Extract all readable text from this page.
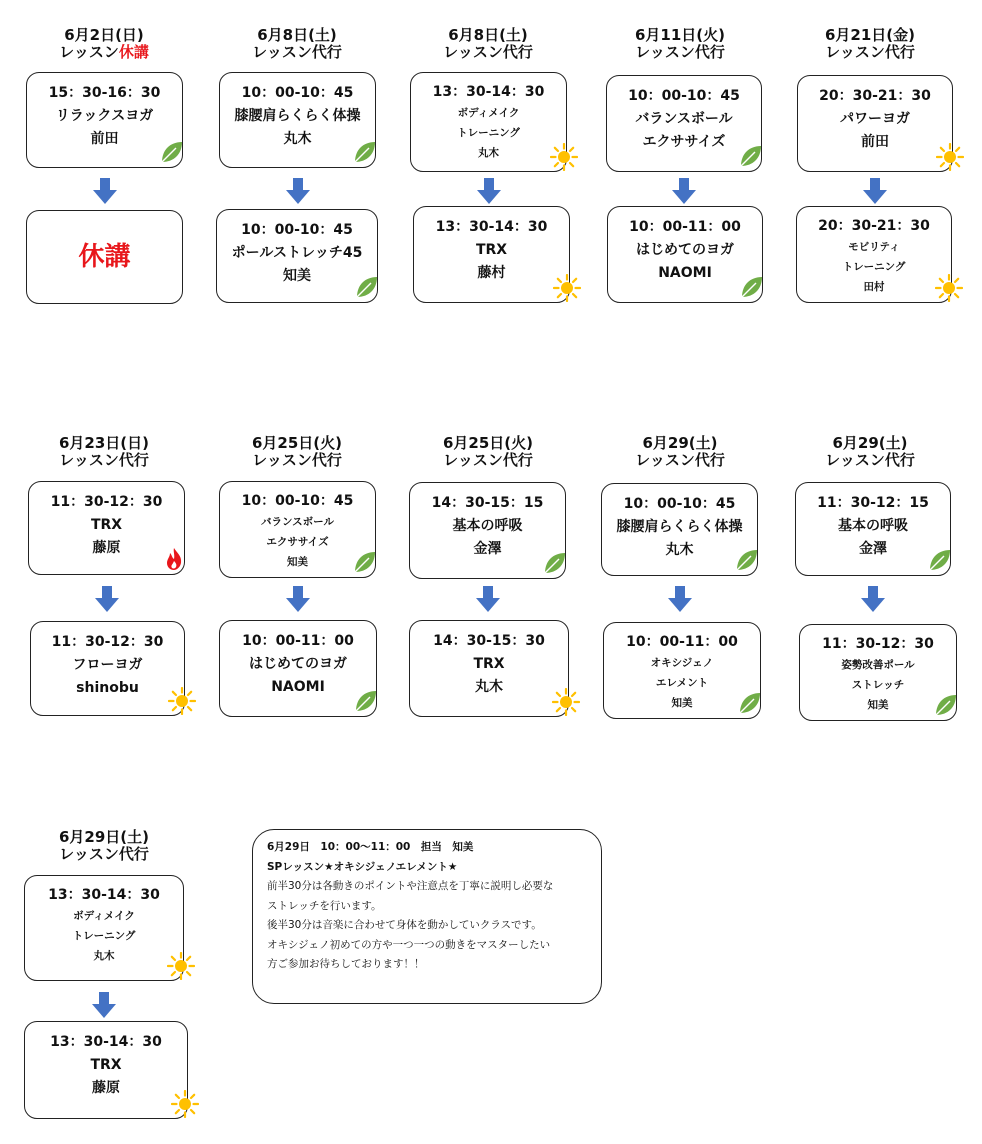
6月2日(日)
レッスン休講
15：30-16：30
リラックスヨガ
前田
休講
6月8日(土)
レッスン代行
10：00-10：45
膝腰肩らくらく体操
丸木
10：00-10：45
ポールストレッチ45
知美
6月8日(土)
レッスン代行
13：30-14：30
ボディメイク
トレーニング
丸木
13：30-14：30
TRX
藤村
6月11日(火)
レッスン代行
10：00-10：45
バランスボール
エクササイズ
10：00-11：00
はじめてのヨガ
NAOMI
6月21日(金)
レッスン代行
20：30-21：30
パワーヨガ
前田
20：30-21：30
モビリティ
トレーニング
田村
6月23日(日)
レッスン代行
11：30-12：30
TRX
藤原
11：30-12：30
フローヨガ
shinobu
6月25日(火)
レッスン代行
10：00-10：45
バランスボール
エクササイズ
知美
10：00-11：00
はじめてのヨガ
NAOMI
6月25日(火)
レッスン代行
14：30-15：15
基本の呼吸
金澤
14：30-15：30
TRX
丸木
6月29(土)
レッスン代行
10：00-10：45
膝腰肩らくらく体操
丸木
10：00-11：00
オキシジェノ
エレメント
知美
6月29(土)
レッスン代行
11：30-12：15
基本の呼吸
金澤
11：30-12：30
姿勢改善ポール
ストレッチ
知美
6月29日(土)
レッスン代行
13：30-14：30
ボディメイク
トレーニング
丸木
13：30-14：30
TRX
藤原
6月29日　10：00～11：00　担当　知美
SPレッスン★オキシジェノエレメント★
前半30分は各動きのポイントや注意点を丁寧に説明し必要な
ストレッチを行います。
後半30分は音楽に合わせて身体を動かしていクラスです。
オキシジェノ初めての方や一つ一つの動きをマスターしたい
方ご参加お待ちしております！！
